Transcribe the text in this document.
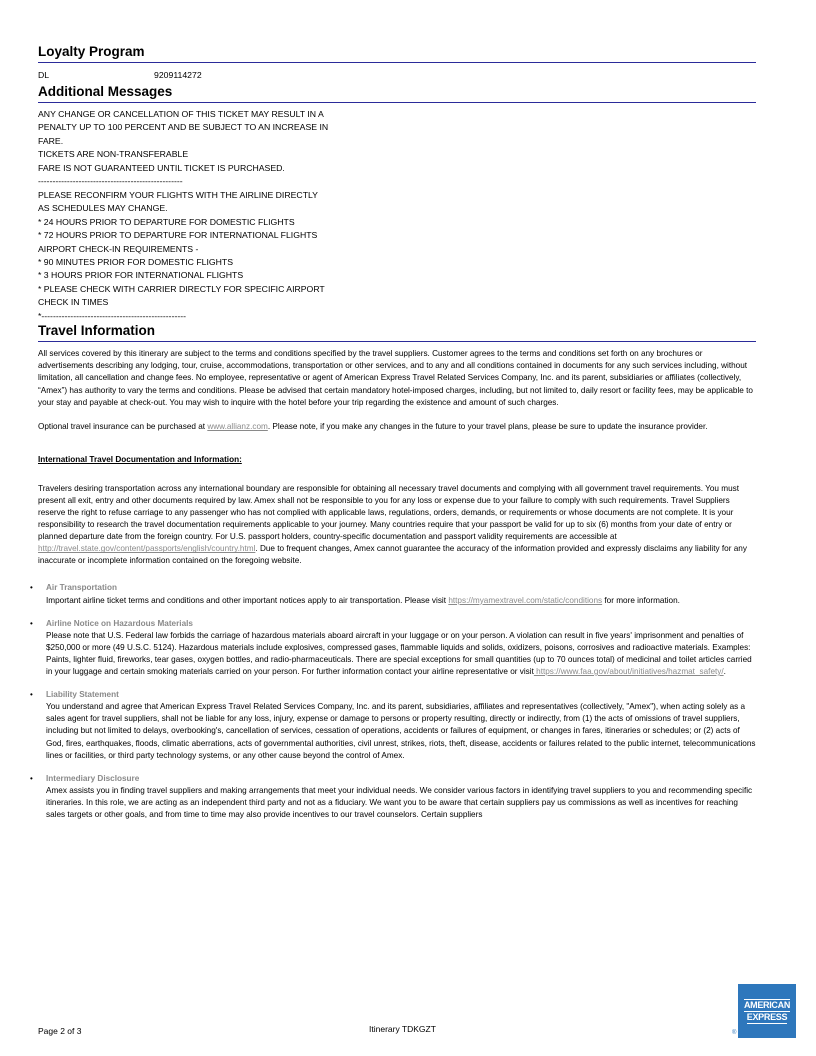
Loyalty Program
DL	9209114272
Additional Messages
ANY CHANGE OR CANCELLATION OF THIS TICKET MAY RESULT IN A
PENALTY UP TO 100 PERCENT AND BE SUBJECT TO AN INCREASE IN
FARE.
TICKETS ARE NON-TRANSFERABLE
FARE IS NOT GUARANTEED UNTIL TICKET IS PURCHASED.
--------------------------------------------------
PLEASE RECONFIRM YOUR FLIGHTS WITH THE AIRLINE DIRECTLY
AS SCHEDULES MAY CHANGE.
* 24 HOURS PRIOR TO DEPARTURE FOR DOMESTIC FLIGHTS
* 72 HOURS PRIOR TO DEPARTURE FOR INTERNATIONAL FLIGHTS
AIRPORT CHECK-IN REQUIREMENTS -
* 90 MINUTES PRIOR FOR DOMESTIC FLIGHTS
* 3 HOURS PRIOR FOR INTERNATIONAL FLIGHTS
* PLEASE CHECK WITH CARRIER DIRECTLY FOR SPECIFIC AIRPORT
CHECK IN TIMES
*--------------------------------------------------
Travel Information

All services covered by this itinerary are subject to the terms and conditions specified by the travel suppliers. Customer agrees to the terms and conditions set forth on any brochures or advertisements describing any lodging, tour, cruise, accommodations, transportation or other services, and to any and all conditions contained in documents for any such services including, without limitation, all cancellation and change fees. No employee, representative or agent of American Express Travel Related Services Company, Inc. and its parent, subsidiaries or affiliates (collectively, “Amex”) has authority to vary the terms and conditions. Please be advised that certain mandatory hotel-imposed charges, including, but not limited to, daily resort or facility fees, may be applicable to your stay and payable at check-out. You may wish to inquire with the hotel before your trip regarding the existence and amount of such charges.

Optional travel insurance can be purchased at www.allianz.com. Please note, if you make any changes in the future to your travel plans, please be sure to update the insurance provider.

International Travel Documentation and Information:

Travelers desiring transportation across any international boundary are responsible for obtaining all necessary travel documents and complying with all government travel requirements. You must present all exit, entry and other documents required by law. Amex shall not be responsible to you for any loss or expense due to your failure to comply with such requirements. Travel Suppliers reserve the right to refuse carriage to any passenger who has not complied with applicable laws, regulations, orders, demands, or requirements or whose documents are not complete. It is your responsibility to research the travel documentation requirements applicable to your journey. Many countries require that your passport be valid for up to six (6) months from your date of entry or planned departure date from the foreign country. For U.S. passport holders, country-specific documentation and passport validity requirements are accessible at http://travel.state.gov/content/passports/english/country.html. Due to frequent changes, Amex cannot guarantee the accuracy of the information provided and expressly disclaims any liability for any inaccurate or incomplete information contained on the foregoing website.

• Air Transportation
Important airline ticket terms and conditions and other important notices apply to air transportation. Please visit https://myamextravel.com/static/conditions for more information.
• Airline Notice on Hazardous Materials
Please note that U.S. Federal law forbids the carriage of hazardous materials aboard aircraft in your luggage or on your person. A violation can result in five years' imprisonment and penalties of $250,000 or more (49 U.S.C. 5124). Hazardous materials include explosives, compressed gases, flammable liquids and solids, oxidizers, poisons, corrosives and radioactive materials. Examples: Paints, lighter fluid, fireworks, tear gases, oxygen bottles, and radio-pharmaceuticals. There are special exceptions for small quantities (up to 70 ounces total) of medicinal and toilet articles carried in your luggage and certain smoking materials carried on your person. For further information contact your airline representative or visit https://www.faa.gov/about/initiatives/hazmat_safety/.
• Liability Statement
You understand and agree that American Express Travel Related Services Company, Inc. and its parent, subsidiaries, affiliates and representatives (collectively, "Amex"), when acting solely as a sales agent for travel suppliers, shall not be liable for any loss, injury, expense or damage to persons or property resulting, directly or indirectly, from (1) the acts of omissions of travel suppliers, including but not limited to delays, overbooking's, cancellation of services, cessation of operations, accidents or failures of equipment, or changes in fares, itineraries or schedules; or (2) acts of God, fires, earthquakes, floods, climatic aberrations, acts of governmental authorities, civil unrest, strikes, riots, theft, disease, accidents or failures related to the public internet, telecommunications lines or facilities, or third party technology systems, or any other cause beyond the control of Amex.
• Intermediary Disclosure
Amex assists you in finding travel suppliers and making arrangements that meet your individual needs. We consider various factors in identifying travel suppliers to you and recommending specific itineraries. In this role, we are acting as an independent third party and not as a fiduciary. We want you to be aware that certain suppliers pay us commissions as well as incentives for reaching sales targets or other goals, and from time to time may also provide incentives to our travel counselors. Certain suppliers
Page 2 of 3	Itinerary TDKGZT
AMERICAN
EXPRESS
®
